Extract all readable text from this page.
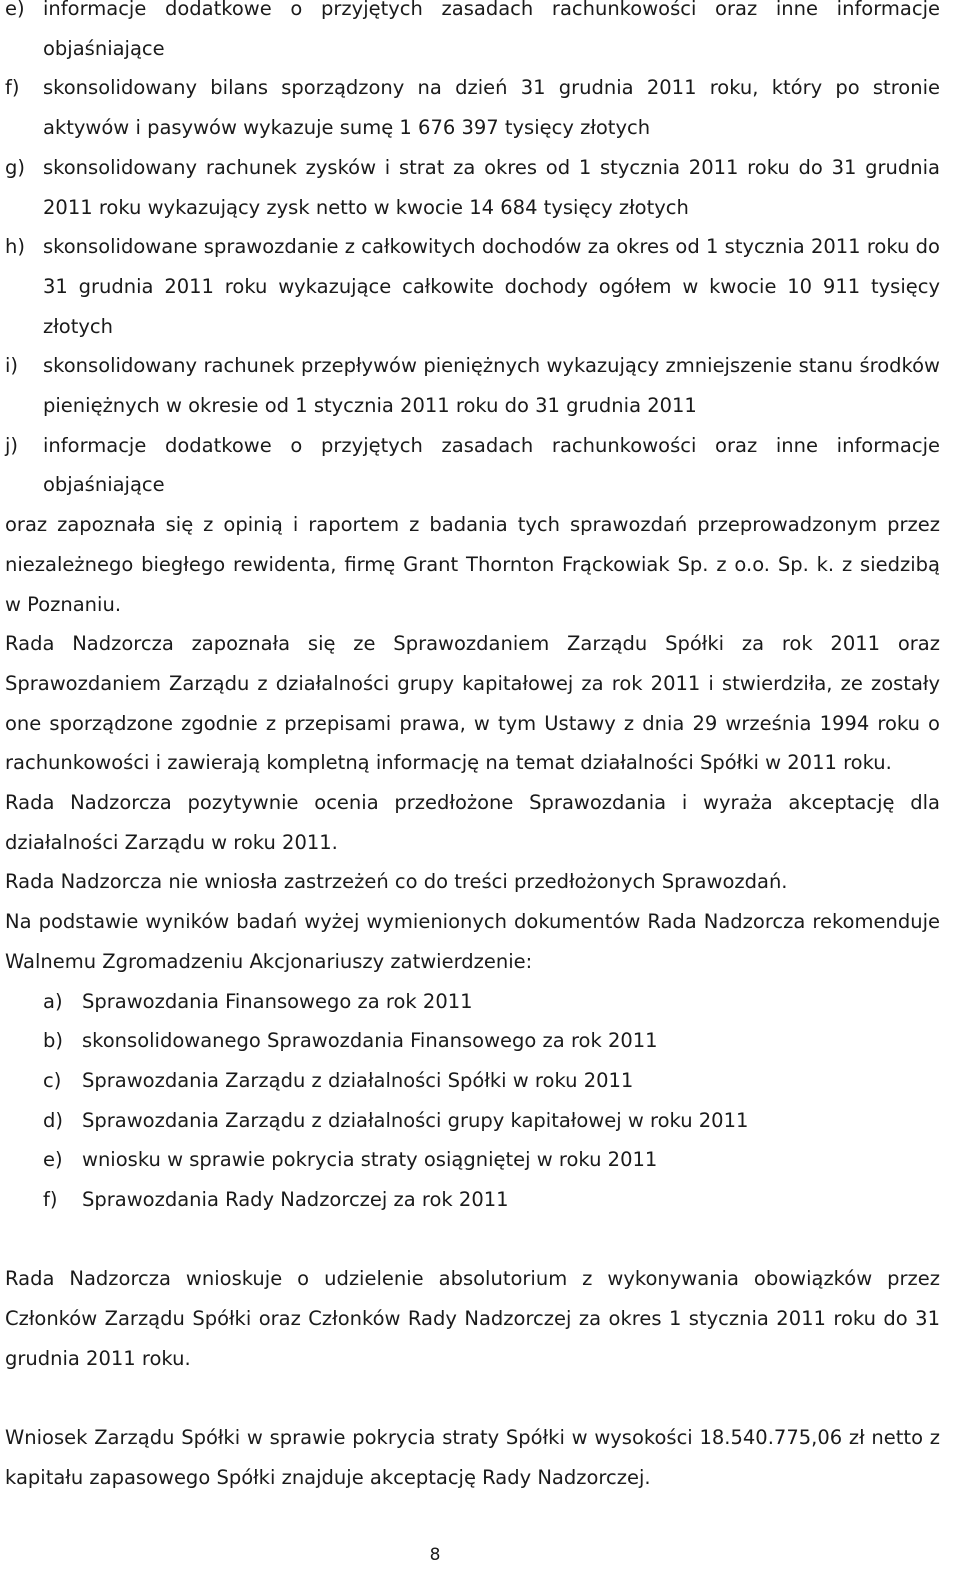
e) informacje dodatkowe o przyjętych zasadach rachunkowości oraz inne informacje objaśniające
f)	skonsolidowany bilans sporządzony na dzień 31 grudnia 2011 roku, który po stronie aktywów i pasywów wykazuje sumę 1 676 397 tysięcy złotych
g) skonsolidowany rachunek zysków i strat za okres od 1 stycznia 2011 roku do 31 grudnia 2011 roku wykazujący zysk netto w kwocie 14 684 tysięcy złotych
h) skonsolidowane sprawozdanie z całkowitych dochodów za okres od 1 stycznia 2011 roku do 31 grudnia 2011 roku wykazujące całkowite dochody ogółem w kwocie 10 911 tysięcy złotych
i)	skonsolidowany rachunek przepływów pieniężnych wykazujący zmniejszenie stanu środków pieniężnych w okresie od 1 stycznia 2011 roku do 31 grudnia 2011
j)	informacje dodatkowe o przyjętych zasadach rachunkowości oraz inne informacje objaśniające

oraz zapoznała się z opinią i raportem z badania tych sprawozdań przeprowadzonym przez niezależnego biegłego rewidenta, firmę Grant Thornton Frąckowiak Sp. z o.o. Sp. k. z siedzibą w Poznaniu.

Rada Nadzorcza zapoznała się ze Sprawozdaniem Zarządu Spółki za rok 2011 oraz Sprawozdaniem Zarządu z działalności grupy kapitałowej za rok 2011 i stwierdziła, ze zostały one sporządzone zgodnie z przepisami prawa, w tym Ustawy z dnia 29 września 1994 roku o rachunkowości i zawierają kompletną informację na temat działalności Spółki w 2011 roku.

Rada Nadzorcza pozytywnie ocenia przedłożone Sprawozdania i wyraża akceptację dla działalności Zarządu w roku 2011.

Rada Nadzorcza nie wniosła zastrzeżeń co do treści przedłożonych Sprawozdań.

Na podstawie wyników badań wyżej wymienionych dokumentów Rada Nadzorcza rekomenduje Walnemu Zgromadzeniu Akcjonariuszy zatwierdzenie:

a) Sprawozdania Finansowego za rok 2011
b) skonsolidowanego Sprawozdania Finansowego za rok 2011
c)	Sprawozdania Zarządu z działalności Spółki w roku 2011
d) Sprawozdania Zarządu z działalności grupy kapitałowej w roku 2011
e) wniosku w sprawie pokrycia straty osiągniętej w roku 2011
f)	Sprawozdania Rady Nadzorczej za rok 2011

Rada Nadzorcza wnioskuje o udzielenie absolutorium z wykonywania obowiązków przez Członków Zarządu Spółki oraz Członków Rady Nadzorczej za okres 1 stycznia 2011 roku do 31 grudnia 2011 roku.

Wniosek Zarządu Spółki w sprawie pokrycia straty Spółki w wysokości 18.540.775,06 zł netto z kapitału zapasowego Spółki znajduje akceptację Rady Nadzorczej.

8
